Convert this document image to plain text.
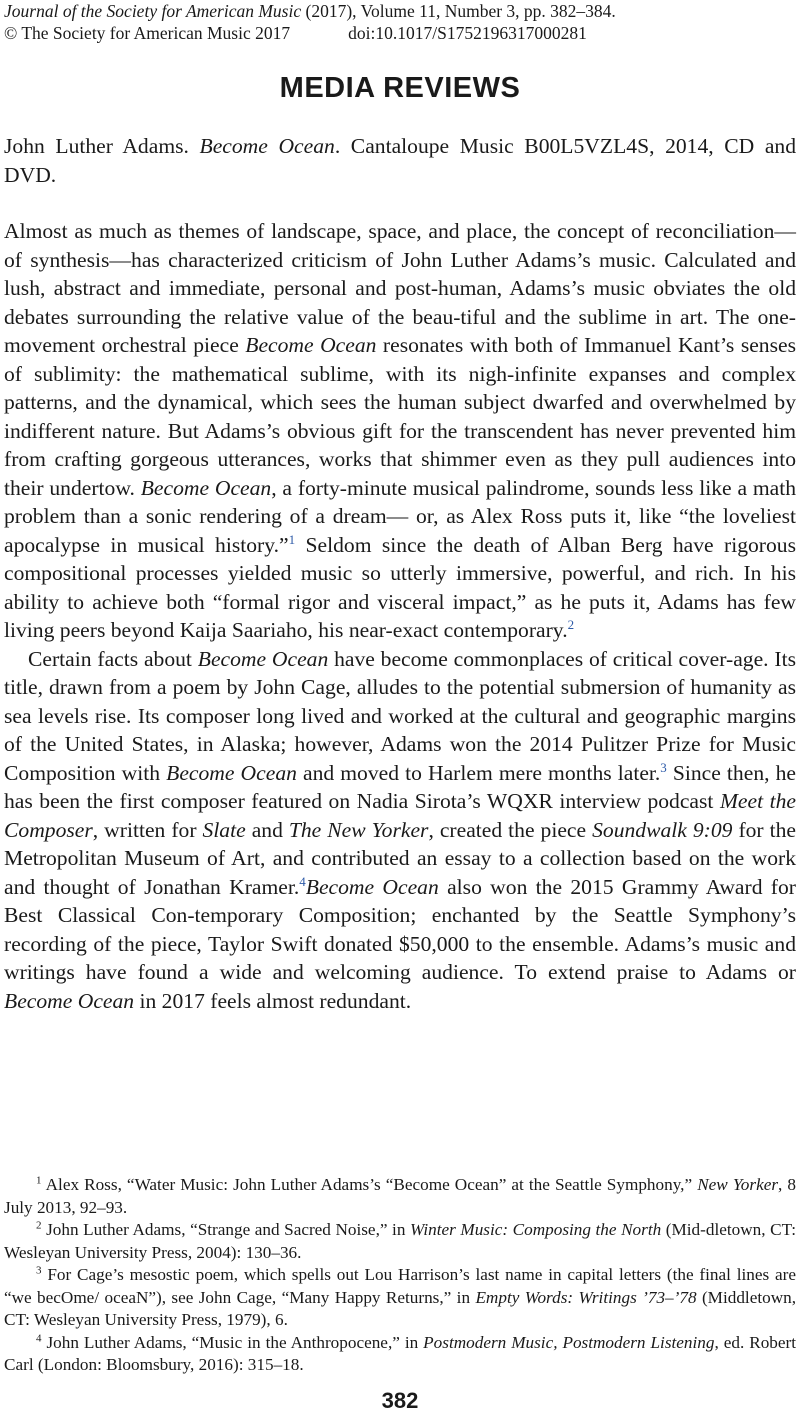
Journal of the Society for American Music (2017), Volume 11, Number 3, pp. 382–384.
© The Society for American Music 2017	doi:10.1017/S1752196317000281
MEDIA REVIEWS
John Luther Adams. Become Ocean. Cantaloupe Music B00L5VZL4S, 2014, CD and DVD.

Almost as much as themes of landscape, space, and place, the concept of reconciliation—of synthesis—has characterized criticism of John Luther Adams’s music. Calculated and lush, abstract and immediate, personal and post-human, Adams’s music obviates the old debates surrounding the relative value of the beau-tiful and the sublime in art. The one-movement orchestral piece Become Ocean resonates with both of Immanuel Kant’s senses of sublimity: the mathematical sublime, with its nigh-infinite expanses and complex patterns, and the dynamical, which sees the human subject dwarfed and overwhelmed by indifferent nature. But Adams’s obvious gift for the transcendent has never prevented him from crafting gorgeous utterances, works that shimmer even as they pull audiences into their undertow. Become Ocean, a forty-minute musical palindrome, sounds less like a math problem than a sonic rendering of a dream— or, as Alex Ross puts it, like “the loveliest apocalypse in musical history.”$^1$ Seldom since the death of Alban Berg have rigorous compositional processes yielded music so utterly immersive, powerful, and rich. In his ability to achieve both “formal rigor and visceral impact,” as he puts it, Adams has few living peers beyond Kaija Saariaho, his near-exact contemporary.$^2$

Certain facts about Become Ocean have become commonplaces of critical cover-age. Its title, drawn from a poem by John Cage, alludes to the potential submersion of humanity as sea levels rise. Its composer long lived and worked at the cultural and geographic margins of the United States, in Alaska; however, Adams won the 2014 Pulitzer Prize for Music Composition with Become Ocean and moved to Harlem mere months later.$^3$ Since then, he has been the first composer featured on Nadia Sirota’s WQXR interview podcast Meet the Composer, written for Slate and The New Yorker, created the piece Soundwalk 9:09 for the Metropolitan Museum of Art, and contributed an essay to a collection based on the work and thought of Jonathan Kramer.$^4$Become Ocean also won the 2015 Grammy Award for Best Classical Con-temporary Composition; enchanted by the Seattle Symphony’s recording of the piece, Taylor Swift donated $50,000 to the ensemble. Adams’s music and writings have found a wide and welcoming audience. To extend praise to Adams or Become Ocean in 2017 feels almost redundant.

$^1$ Alex Ross, “Water Music: John Luther Adams’s “Become Ocean” at the Seattle Symphony,” New Yorker, 8 July 2013, 92–93.

$^2$ John Luther Adams, “Strange and Sacred Noise,” in Winter Music: Composing the North (Mid-dletown, CT: Wesleyan University Press, 2004): 130–36.

$^3$ For Cage’s mesostic poem, which spells out Lou Harrison’s last name in capital letters (the final lines are “we becOme/ oceaN”), see John Cage, “Many Happy Returns,” in Empty Words: Writings ’73–’78 (Middletown, CT: Wesleyan University Press, 1979), 6.

$^4$ John Luther Adams, “Music in the Anthropocene,” in Postmodern Music, Postmodern Listening, ed. Robert Carl (London: Bloomsbury, 2016): 315–18.

382
